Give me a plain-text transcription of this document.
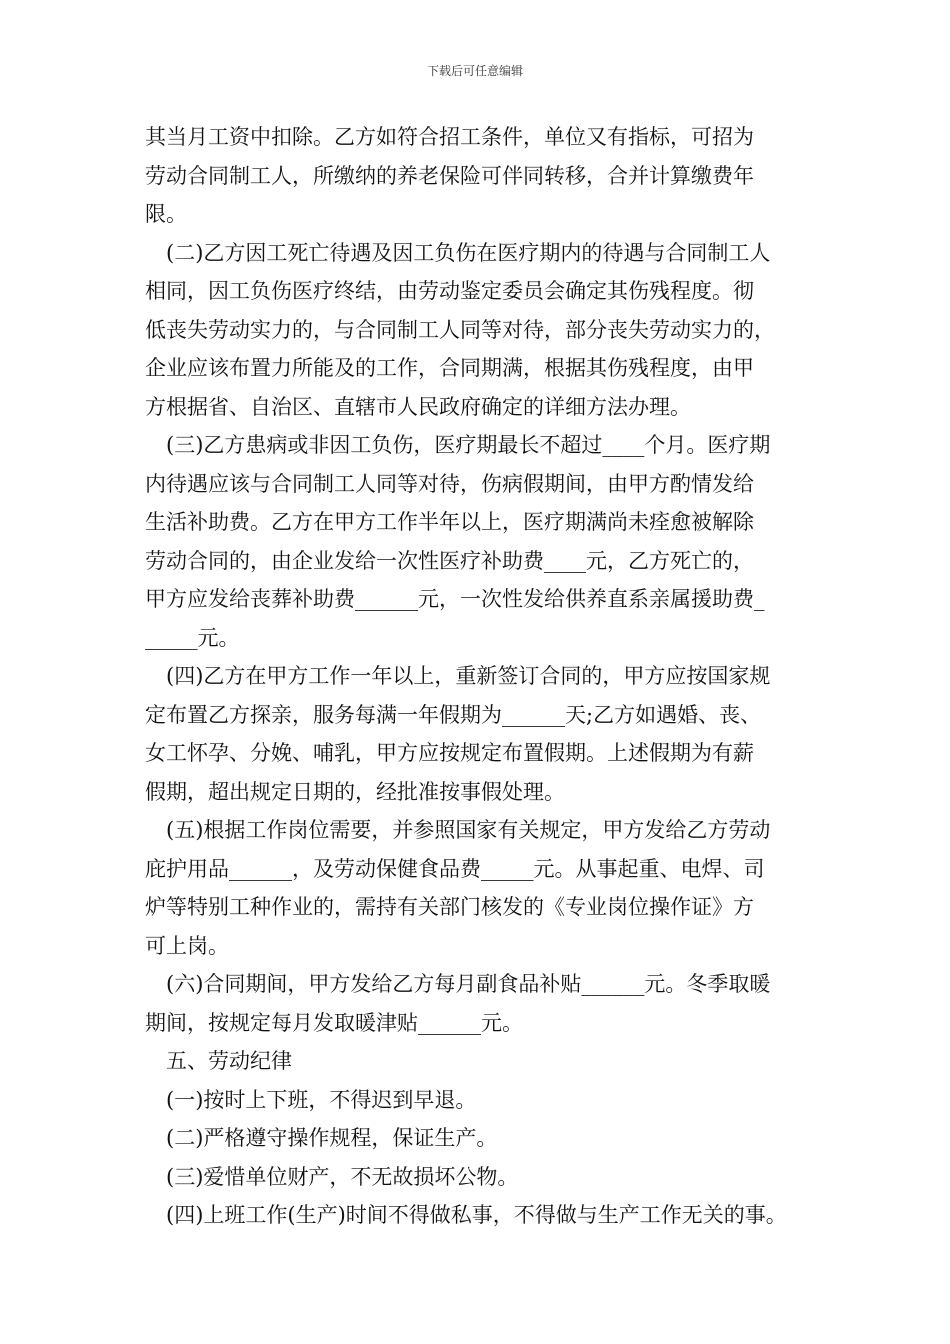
下载后可任意编辑

其当月工资中扣除。乙方如符合招工条件，单位又有指标，可招为

劳动合同制工人，所缴纳的养老保险可伴同转移，合并计算缴费年

限。

(二)乙方因工死亡待遇及因工负伤在医疗期内的待遇与合同制工人

相同，因工负伤医疗终结，由劳动鉴定委员会确定其伤残程度。彻

低丧失劳动实力的，与合同制工人同等对待，部分丧失劳动实力的，

企业应该布置力所能及的工作，合同期满，根据其伤残程度，由甲

方根据省、自治区、直辖市人民政府确定的详细方法办理。

(三)乙方患病或非因工负伤，医疗期最长不超过____个月。医疗期

内待遇应该与合同制工人同等对待，伤病假期间，由甲方酌情发给

生活补助费。乙方在甲方工作半年以上，医疗期满尚未痊愈被解除

劳动合同的，由企业发给一次性医疗补助费____元，乙方死亡的，

甲方应发给丧葬补助费______元，一次性发给供养直系亲属援助费_

_____元。

(四)乙方在甲方工作一年以上，重新签订合同的，甲方应按国家规

定布置乙方探亲，服务每满一年假期为______天;乙方如遇婚、丧、

女工怀孕、分娩、哺乳，甲方应按规定布置假期。上述假期为有薪

假期，超出规定日期的，经批准按事假处理。

(五)根据工作岗位需要，并参照国家有关规定，甲方发给乙方劳动

庇护用品______，及劳动保健食品费_____元。从事起重、电焊、司

炉等特别工种作业的，需持有关部门核发的《专业岗位操作证》方

可上岗。

(六)合同期间，甲方发给乙方每月副食品补贴______元。冬季取暖

期间，按规定每月发取暖津贴______元。

五、劳动纪律

(一)按时上下班，不得迟到早退。

(二)严格遵守操作规程，保证生产。

(三)爱惜单位财产，不无故损坏公物。

(四)上班工作(生产)时间不得做私事，不得做与生产工作无关的事。
